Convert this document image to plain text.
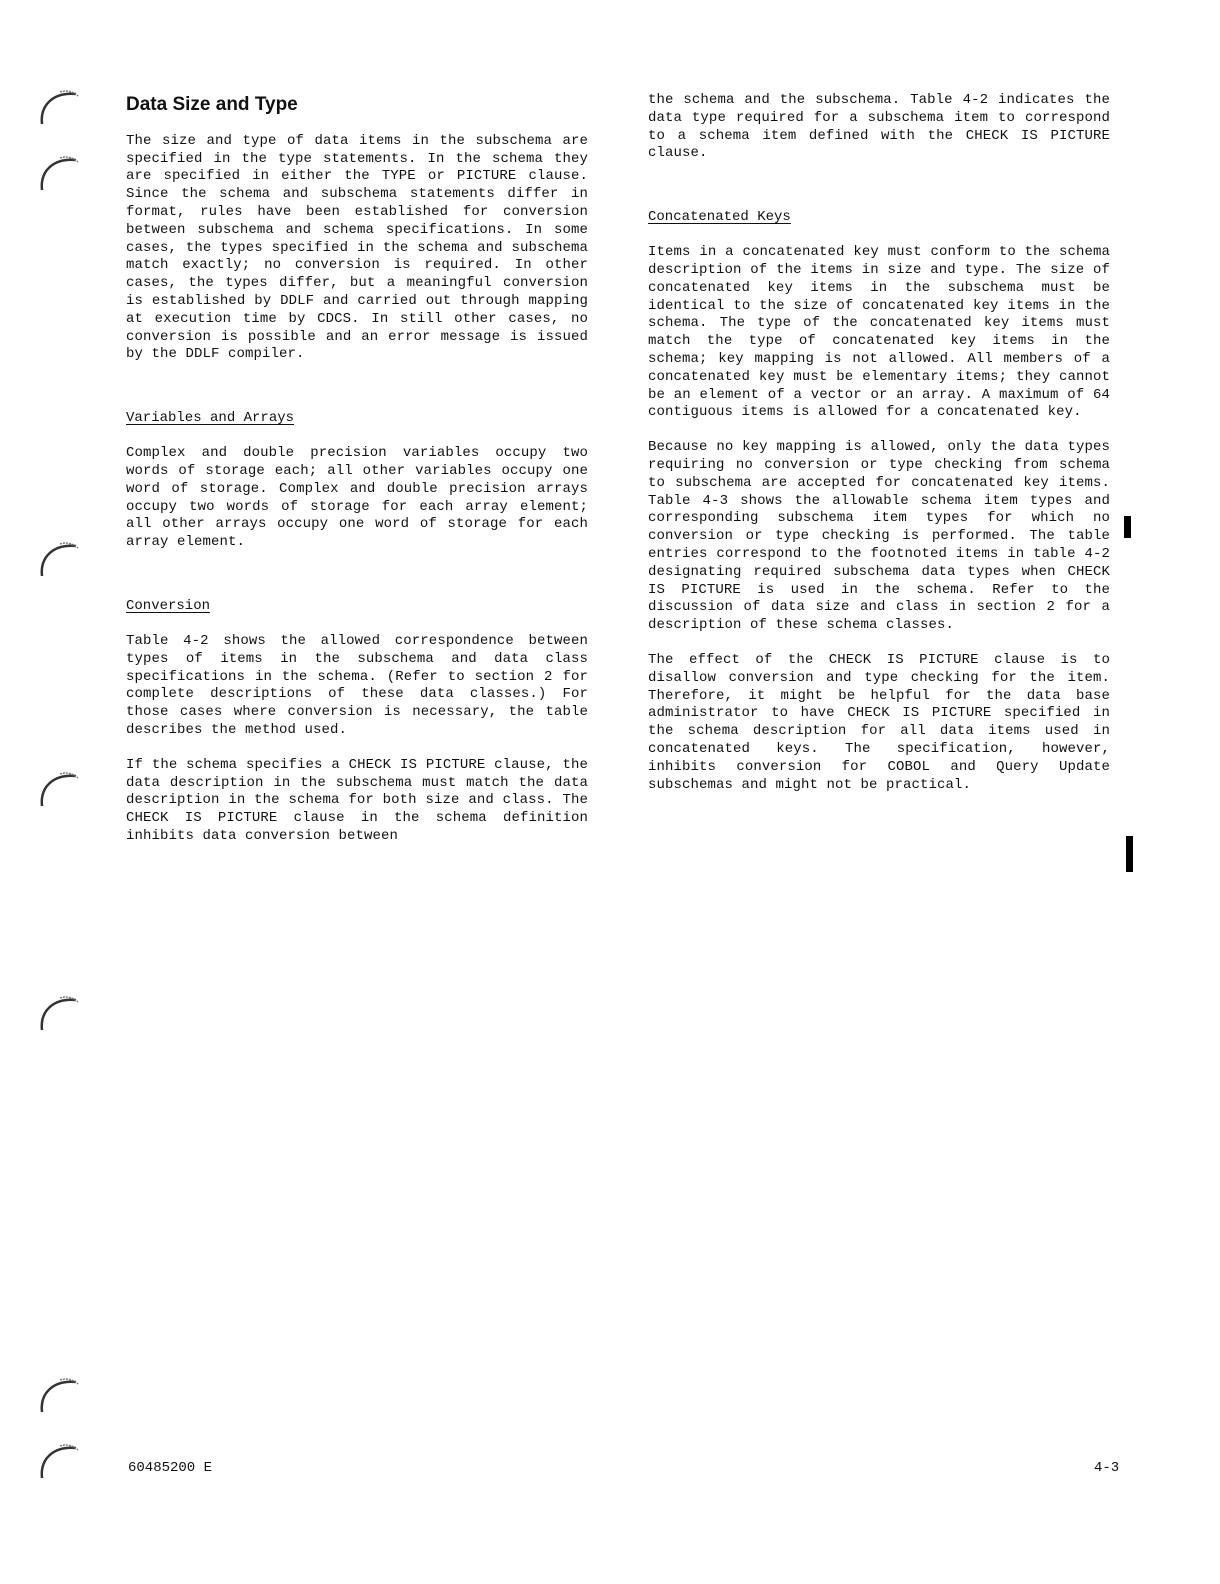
Data Size and Type

The size and type of data items in the subschema are specified in the type statements. In the schema they are specified in either the TYPE or PICTURE clause. Since the schema and subschema statements differ in format, rules have been established for conversion between subschema and schema specifications. In some cases, the types specified in the schema and subschema match exactly; no conversion is required. In other cases, the types differ, but a meaningful conversion is established by DDLF and carried out through mapping at execution time by CDCS. In still other cases, no conversion is possible and an error message is issued by the DDLF compiler.

Variables and Arrays

Complex and double precision variables occupy two words of storage each; all other variables occupy one word of storage. Complex and double precision arrays occupy two words of storage for each array element; all other arrays occupy one word of storage for each array element.

Conversion

Table 4-2 shows the allowed correspondence between types of items in the subschema and data class specifications in the schema. (Refer to section 2 for complete descriptions of these data classes.) For those cases where conversion is necessary, the table describes the method used.

If the schema specifies a CHECK IS PICTURE clause, the data description in the subschema must match the data description in the schema for both size and class. The CHECK IS PICTURE clause in the schema definition inhibits data conversion between

the schema and the subschema. Table 4-2 indicates the data type required for a subschema item to correspond to a schema item defined with the CHECK IS PICTURE clause.

Concatenated Keys

Items in a concatenated key must conform to the schema description of the items in size and type. The size of concatenated key items in the subschema must be identical to the size of concatenated key items in the schema. The type of the concatenated key items must match the type of concatenated key items in the schema; key mapping is not allowed. All members of a concatenated key must be elementary items; they cannot be an element of a vector or an array. A maximum of 64 contiguous items is allowed for a concatenated key.

Because no key mapping is allowed, only the data types requiring no conversion or type checking from schema to subschema are accepted for concatenated key items. Table 4-3 shows the allowable schema item types and corresponding subschema item types for which no conversion or type checking is performed. The table entries correspond to the footnoted items in table 4-2 designating required subschema data types when CHECK IS PICTURE is used in the schema. Refer to the discussion of data size and class in section 2 for a description of these schema classes.

The effect of the CHECK IS PICTURE clause is to disallow conversion and type checking for the item. Therefore, it might be helpful for the data base administrator to have CHECK IS PICTURE specified in the schema description for all data items used in concatenated keys. The specification, however, inhibits conversion for COBOL and Query Update subschemas and might not be practical.

60485200 E	4-3
